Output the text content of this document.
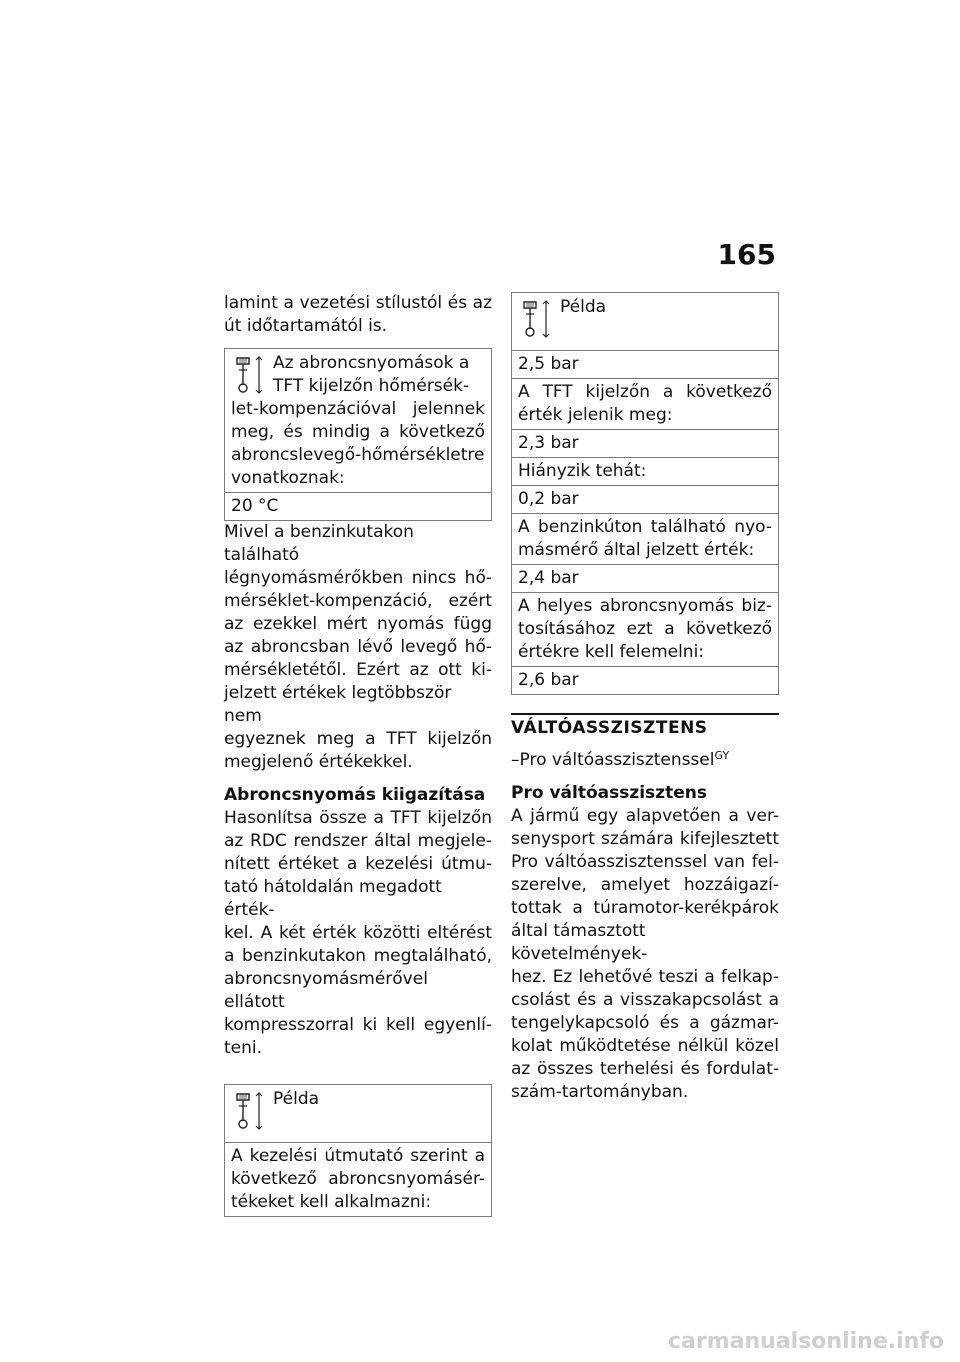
165
lamint a vezetési stílustól és az
út időtartamától is.
Az abroncsnyomások a
TFT kijelzőn hőmérsék-
let-kompenzációval jelennek
meg, és mindig a következő
abroncslevegő-hőmérsékletre
vonatkoznak:
20 °C
Mivel a benzinkutakon található
légnyomásmérőkben nincs hő-
mérséklet-kompenzáció, ezért
az ezekkel mért nyomás függ
az abroncsban lévő levegő hő-
mérsékletétől. Ezért az ott ki-
jelzett értékek legtöbbször nem
egyeznek meg a TFT kijelzőn
megjelenő értékekkel.
Abroncsnyomás kiigazítása
Hasonlítsa össze a TFT kijelzőn
az RDC rendszer által megjele-
nített értéket a kezelési útmu-
tató hátoldalán megadott érték-
kel. A két érték közötti eltérést
a benzinkutakon megtalálható,
abroncsnyomásmérővel ellátott
kompresszorral ki kell egyenlí-
teni.
Példa
A kezelési útmutató szerint a
következő abroncsnyomásér-
tékeket kell alkalmazni:
Példa
2,5 bar
A TFT kijelzőn a következő
érték jelenik meg:
2,3 bar
Hiányzik tehát:
0,2 bar
A benzinkúton található nyo-
másmérő által jelzett érték:
2,4 bar
A helyes abroncsnyomás biz-
tosításához ezt a következő
értékre kell felemelni:
2,6 bar
VÁLTÓASSZISZTENS
–Pro váltóasszisztenssel$^{GY}$
Pro váltóasszisztens
A jármű egy alapvetően a ver-
senysport számára kifejlesztett
Pro váltóasszisztenssel van fel-
szerelve, amelyet hozzáigazí-
tottak a túramotor-kerékpárok
által támasztott követelmények-
hez. Ez lehetővé teszi a felkap-
csolást és a visszakapcsolást a
tengelykapcsoló és a gázmar-
kolat működtetése nélkül közel
az összes terhelési és fordulat-
szám-tartományban.
carmanualsonline.info
